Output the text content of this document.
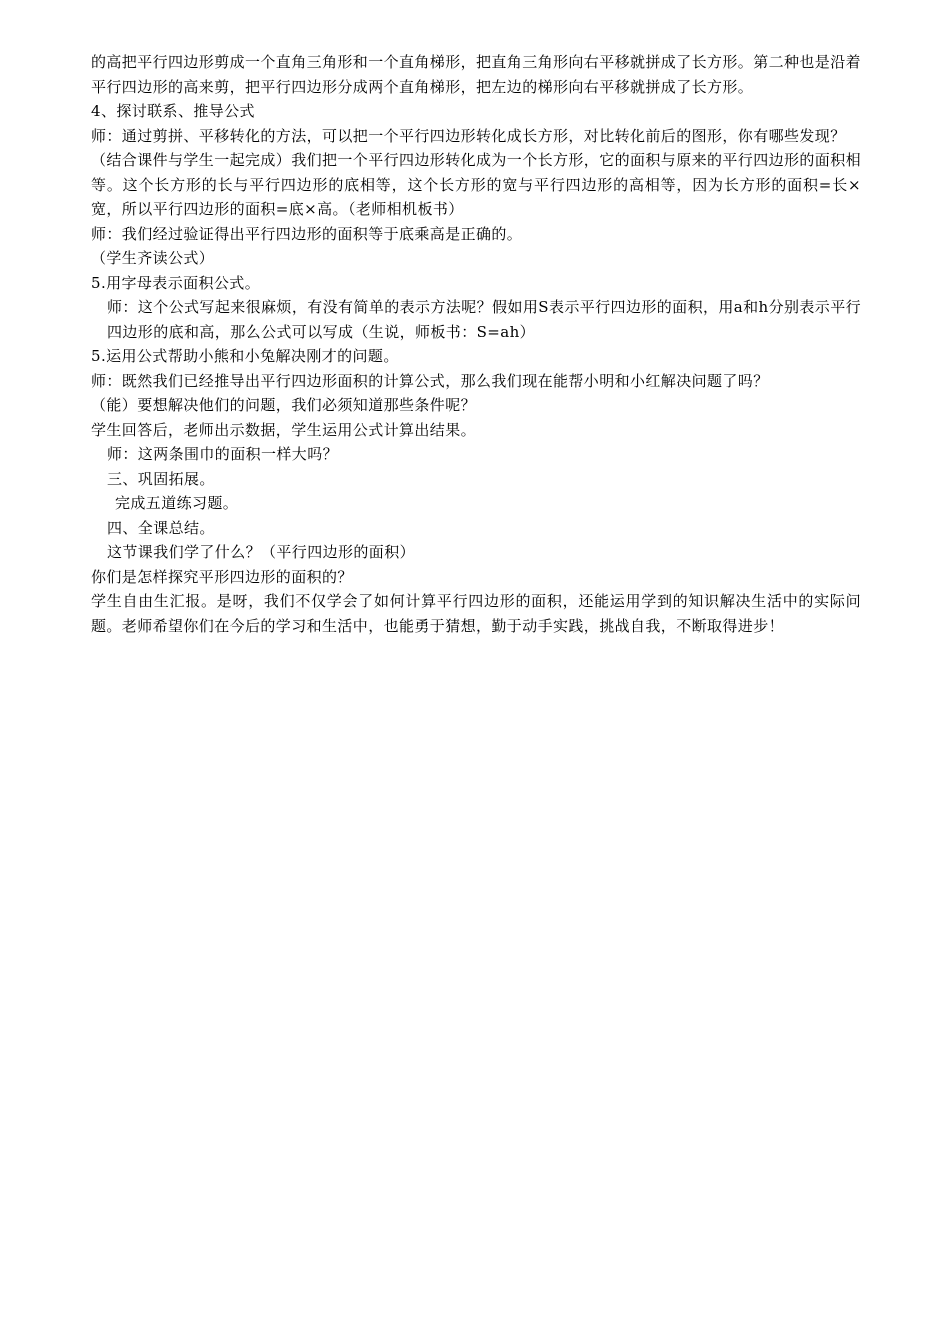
的高把平行四边形剪成一个直角三角形和一个直角梯形，把直角三角形向右平移就拼成了长方形。第二种也是沿着平行四边形的高来剪，把平行四边形分成两个直角梯形，把左边的梯形向右平移就拼成了长方形。

4、探讨联系、推导公式

师：通过剪拼、平移转化的方法，可以把一个平行四边形转化成长方形，对比转化前后的图形，你有哪些发现？

（结合课件与学生一起完成）我们把一个平行四边形转化成为一个长方形，它的面积与原来的平行四边形的面积相等。这个长方形的长与平行四边形的底相等，这个长方形的宽与平行四边形的高相等，因为长方形的面积=长×宽，所以平行四边形的面积=底×高。（老师相机板书）

师：我们经过验证得出平行四边形的面积等于底乘高是正确的。

（学生齐读公式）

5.用字母表示面积公式。

师：这个公式写起来很麻烦，有没有简单的表示方法呢？假如用S表示平行四边形的面积，用a和h分别表示平行四边形的底和高，那么公式可以写成（生说，师板书：S=ah）

5.运用公式帮助小熊和小兔解决刚才的问题。

师：既然我们已经推导出平行四边形面积的计算公式，那么我们现在能帮小明和小红解决问题了吗？

（能）要想解决他们的问题，我们必须知道那些条件呢？

学生回答后，老师出示数据，学生运用公式计算出结果。

师：这两条围巾的面积一样大吗？

三、巩固拓展。

完成五道练习题。

四、全课总结。

这节课我们学了什么？（平行四边形的面积）

你们是怎样探究平形四边形的面积的？

学生自由生汇报。是呀，我们不仅学会了如何计算平行四边形的面积，还能运用学到的知识解决生活中的实际问题。老师希望你们在今后的学习和生活中，也能勇于猜想，勤于动手实践，挑战自我，不断取得进步！
